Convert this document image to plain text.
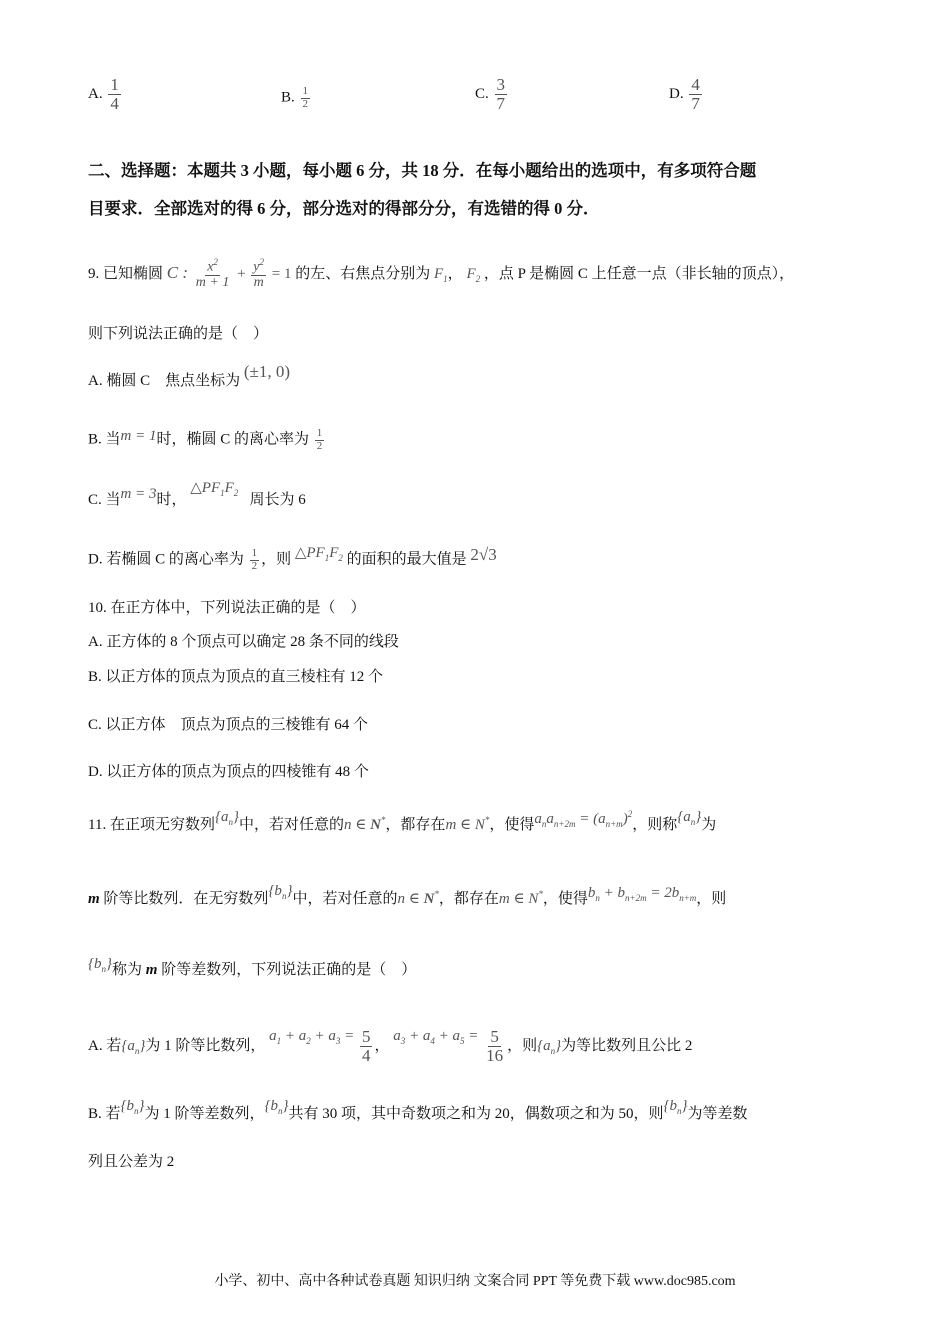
A. $\frac{1}{4}$	B. $\frac{1}{2}$	C. $\frac{3}{7}$	D. $\frac{4}{7}$
二、选择题：本题共 3 小题，每小题 6 分，共 18 分．在每小题给出的选项中，有多项符合题
目要求．全部选对的得 6 分，部分选对的得部分分，有选错的得 0 分．
9. 已知椭圆 C : $\frac{x^2}{m + 1} + \frac{y^2}{m} = 1$ 的左、右焦点分别为 $F_1$， $F_2$ ，点 P 是椭圆 C 上任意一点（非长轴的顶点），
则下列说法正确的是（　）
A. 椭圆 C　焦点坐标为 (±1, 0)
B. 当m = 1时，椭圆 C 的离心率为 $\frac{1}{2}$
C. 当m = 3时， $\triangle PF_1F_2$ 周长为 6
D. 若椭圆 C 的离心率为 $\frac{1}{2}$ ，则 $\triangle PF_1F_2$ 的面积的最大值是 2√3
10. 在正方体中，下列说法正确的是（　）
A. 正方体的 8 个顶点可以确定 28 条不同的线段
B. 以正方体的顶点为顶点的直三棱柱有 12 个
C. 以正方体　顶点为顶点的三棱锥有 64 个
D. 以正方体的顶点为顶点的四棱锥有 48 个
11. 在正项无穷数列$\{a_n\}$中，若对任意的n ∈ N*，都存在m ∈ N*，使得$a_na_{n+2m} = (a_{n+m})^2$，则称$\{a_n\}$为
m 阶等比数列．在无穷数列$\{b_n\}$中，若对任意的n ∈ N*，都存在m ∈ N*，使得$b_n + b_{n+2m} = 2b_{n+m}$，则
$\{b_n\}$称为 m 阶等差数列，下列说法正确的是（　）
A. 若$\{a_n\}$为 1 阶等比数列， $a_1 + a_2 + a_3 = \frac{5}{4}$ ， $a_3 + a_4 + a_5 = \frac{5}{16}$ ，则$\{a_n\}$为等比数列且公比 2
B. 若$\{b_n\}$为 1 阶等差数列，$\{b_n\}$共有 30 项，其中奇数项之和为 20，偶数项之和为 50，则$\{b_n\}$为等差数
列且公差为 2
小学、初中、高中各种试卷真题 知识归纳 文案合同 PPT 等免费下载 www.doc985.com
